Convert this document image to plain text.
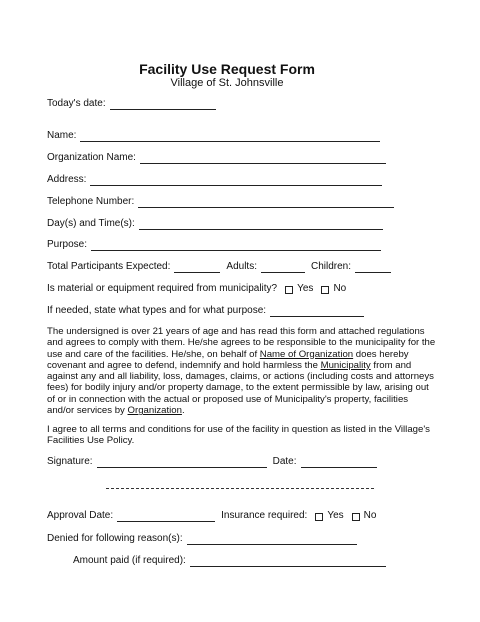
Facility Use Request Form
Village of St. Johnsville
Today's date:
Name:
Organization Name:
Address:
Telephone Number:
Day(s) and Time(s):
Purpose:
Total Participants Expected:	Adults:	Children:
Is material or equipment required from municipality? Yes No
If needed, state what types and for what purpose:

The undersigned is over 21 years of age and has read this form and attached regulations and agrees to comply with them. He/she agrees to be responsible to the municipality for the use and care of the facilities. He/she, on behalf of Name of Organization does hereby covenant and agree to defend, indemnify and hold harmless the Municipality from and against any and all liability, loss, damages, claims, or actions (including costs and attorneys fees) for bodily injury and/or property damage, to the extent permissible by law, arising out of or in connection with the actual or proposed use of Municipality's property, facilities and/or services by Organization.

I agree to all terms and conditions for use of the facility in question as listed in the Village's Facilities Use Policy.

Signature:	Date:
Approval Date:	Insurance required: Yes No
Denied for following reason(s):
Amount paid (if required):
